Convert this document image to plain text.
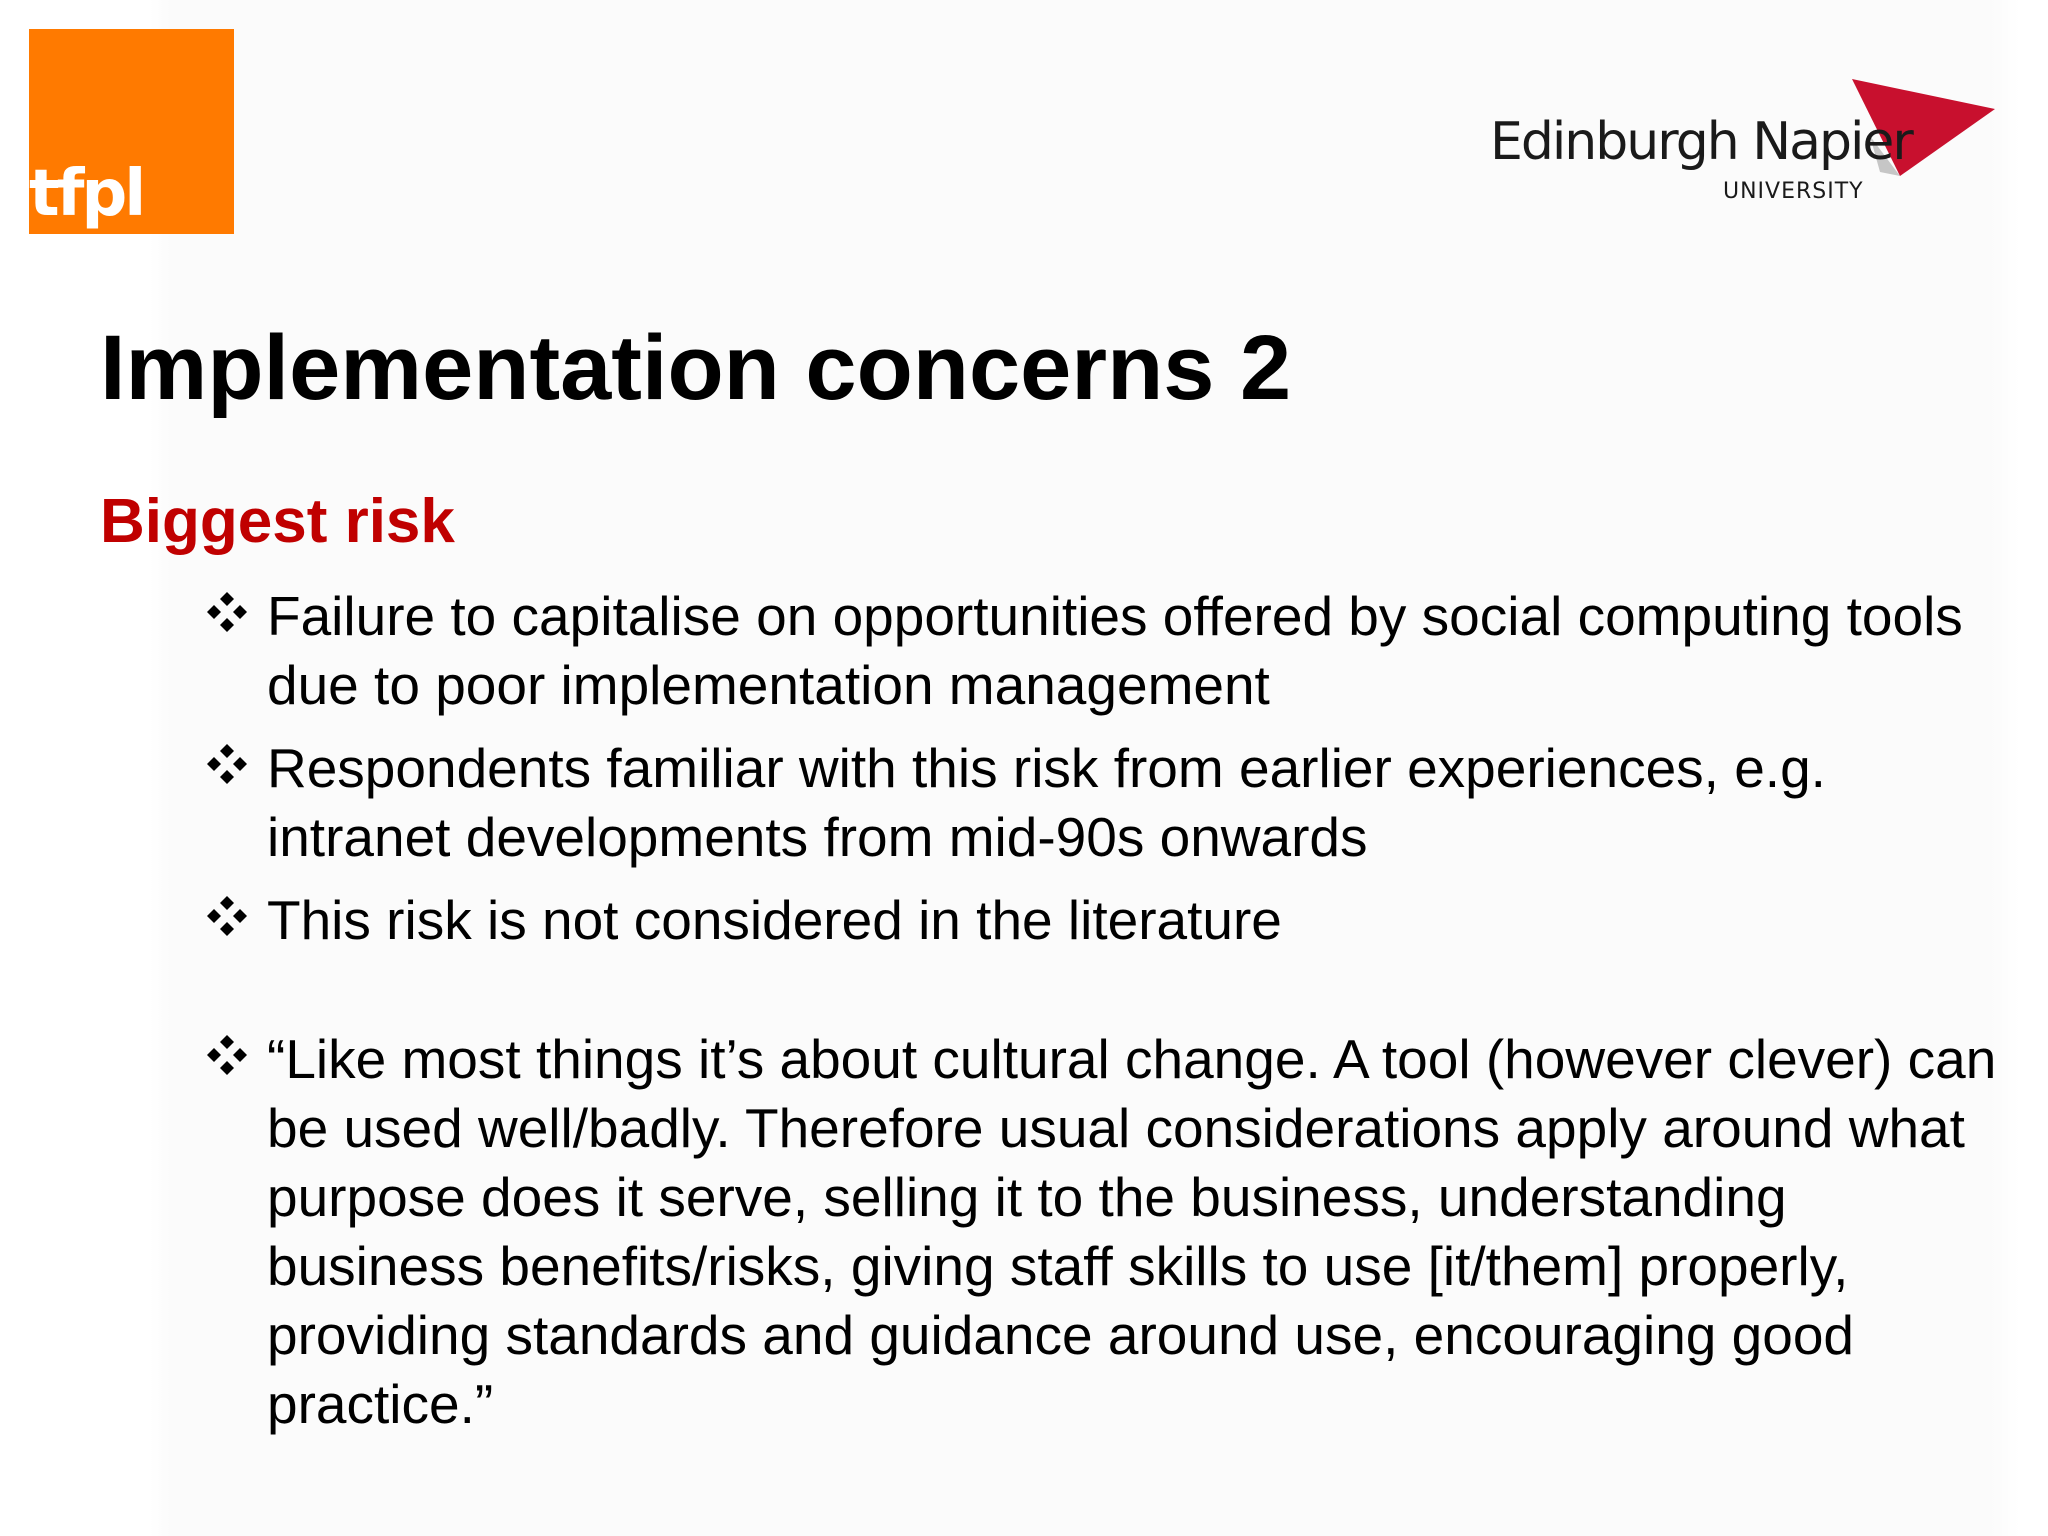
tfpl
Edinburgh Napier
UNIVERSITY
Implementation concerns 2
Biggest risk
Failure to capitalise on opportunities offered by social computing tools due to poor implementation management
Respondents familiar with this risk from earlier experiences, e.g. intranet developments from mid-90s onwards
This risk is not considered in the literature
“Like most things it’s about cultural change. A tool (however clever) can be used well/badly. Therefore usual considerations apply around what purpose does it serve, selling it to the business, understanding business benefits/risks, giving staff skills to use [it/them] properly, providing standards and guidance around use, encouraging good practice.”
